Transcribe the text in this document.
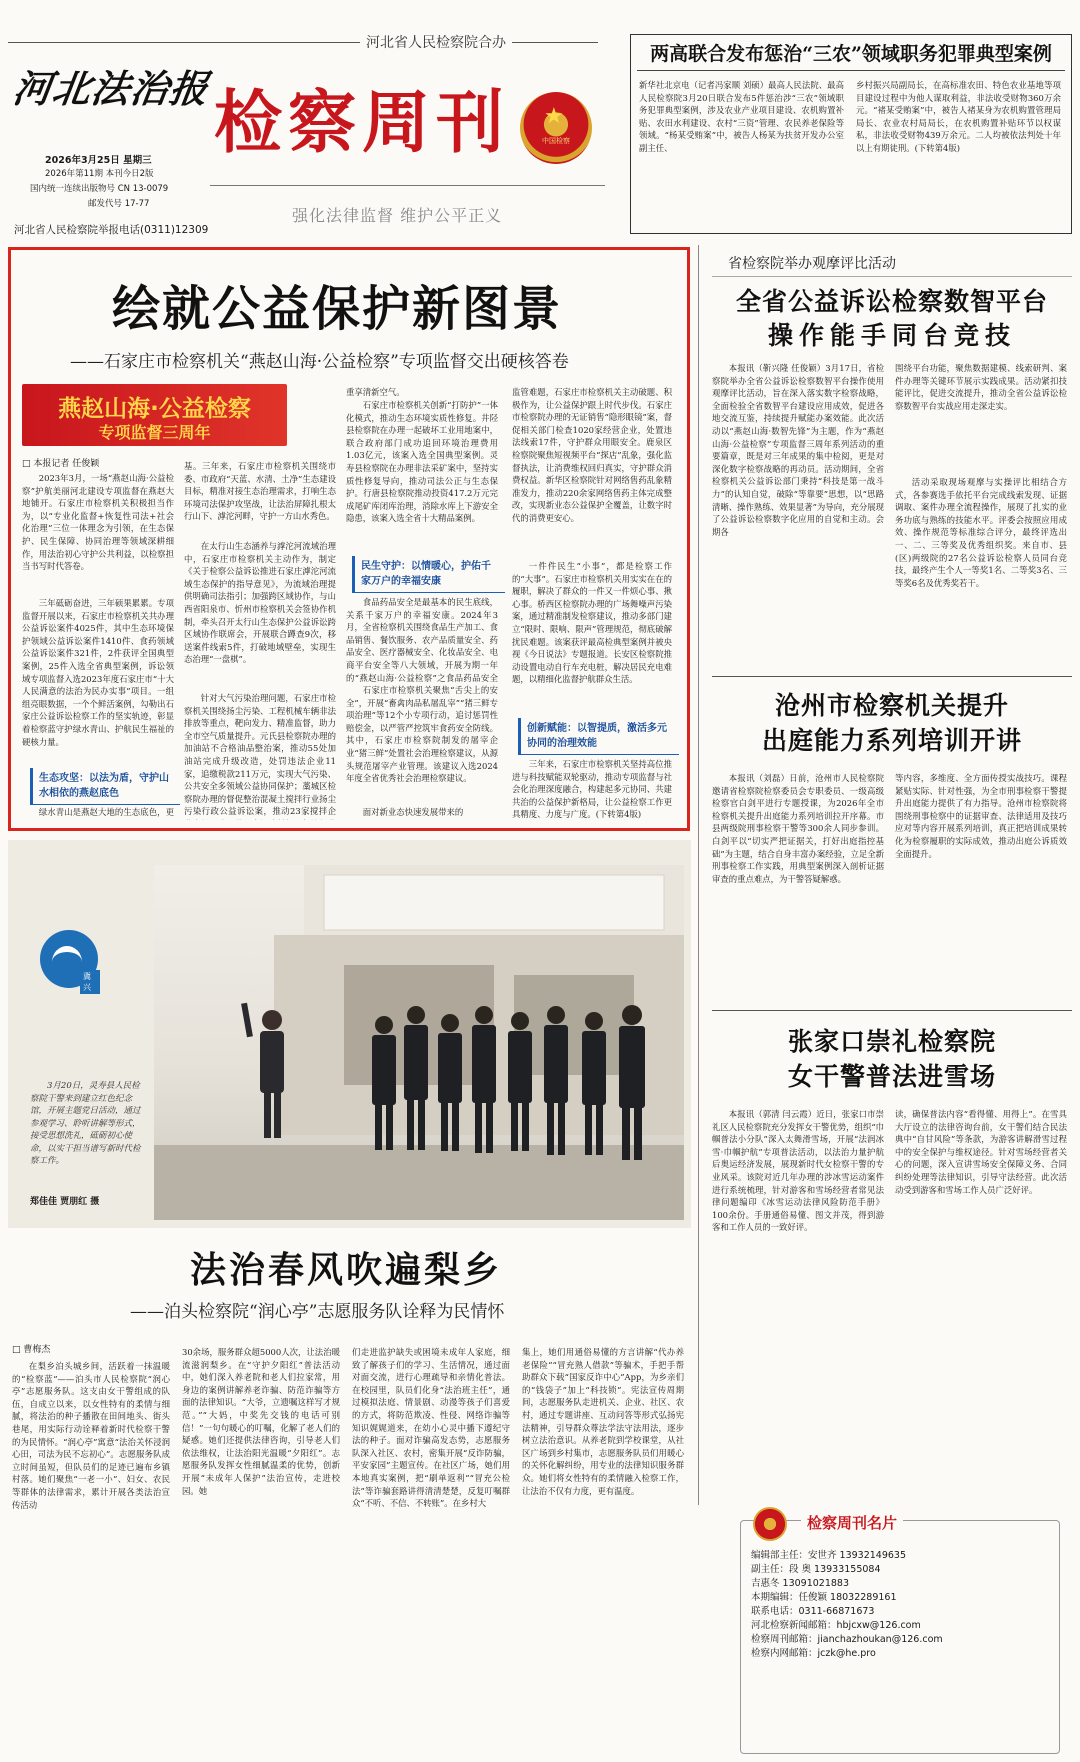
河北省人民检察院合办
河北法治报
2026年3月25日 星期三
2026年第11期 本刊今日2版
国内统一连续出版物号 CN 13-0079
邮发代号 17-77
河北省人民检察院举报电话(0311)12309
检察周刊 ★
中国检察
强化法律监督 维护公平正义
两高联合发布惩治“三农”领域职务犯罪典型案例
新华社北京电（记者冯家顺 刘硕）最高人民法院、最高人民检察院3月20日联合发布5件惩治涉“三农”领域职务犯罪典型案例，涉及农业产业项目建设、农机购置补贴、农田水利建设、农村“三资”管理、农民养老保险等领域。“杨某受贿案”中，被告人杨某为扶贫开发办公室副主任、
乡村振兴局副局长，在高标准农田、特色农业基地等项目建设过程中为他人谋取利益，非法收受财物360万余元。“褚某受贿案”中，被告人褚某身为农机购置管理局局长、农业农村局局长，在农机购置补贴环节以权谋私，非法收受财物439万余元。二人均被依法判处十年以上有期徒刑。(下转第4版)
绘就公益保护新图景
——石家庄市检察机关“燕赵山海·公益检察”专项监督交出硬核答卷
燕赵山海·公益检察
专项监督三周年
□ 本报记者 任俊颖
2023年3月，一场“燕赵山海·公益检察”护航美丽河北建设专项监督在燕赵大地铺开。石家庄市检察机关积极担当作为，以“专业化监督+恢复性司法+社会化治理”三位一体理念为引领，在生态保护、民生保障、协同治理等领域深耕细作，用法治初心守护公共利益，以检察担当书写时代答卷。
三年砥砺奋进，三年硕果累累。专项监督开展以来，石家庄市检察机关共办理公益诉讼案件4025件，其中生态环境保护领域公益诉讼案件1410件、食药领域公益诉讼案件321件，2件获评全国典型案例，25件入选全省典型案例，诉讼领域专项监督入选2023年度石家庄市“十大人民满意的法治为民办实事”项目。一组组亮眼数据，一个个鲜活案例，勾勒出石家庄公益诉讼检察工作的坚实轨迹，彰显着检察蓝守护绿水青山、护航民生福祉的硬核力量。
生态攻坚：以法为盾，守护山水相依的燕赵底色
绿水青山是燕赵大地的生态底色，更
基。三年来，石家庄市检察机关围绕市委、市政府“天蓝、水清、土净”生态建设目标，精准对接生态治理需求，打响生态环境司法保护攻坚战，让法治屏障扎根太行山下、滹沱河畔，守护一方山水秀色。
在太行山生态涵养与滹沱河流域治理中，石家庄市检察机关主动作为，制定《关于检察公益诉讼推进石家庄滹沱河流域生态保护的指导意见》，为流域治理提供明确司法指引；加强跨区域协作，与山西省阳泉市、忻州市检察机关会签协作机制，牵头召开太行山生态保护公益诉讼跨区域协作联席会，开展联合蹲查9次，移送案件线索5件，打破地域壁垒，实现生态治理“一盘棋”。
针对大气污染治理问题，石家庄市检察机关围绕扬尘污染、工程机械车辆非法排放等重点，靶向发力、精准监督，助力全市空气质量提升。元氏县检察院办理的加油站不合格油品整治案，推动55处加油站完成升级改造，处罚违法企业11家，追缴税款211万元，实现大气污染、公共安全多领域公益协同保护；藁城区检察院办理的督促整治混凝土搅拌行业扬尘污染行政公益诉讼案，推动23家搅拌企
重享清新空气。
石家庄市检察机关创新“打防护”一体化模式，推动生态环境实质性修复。井陉县检察院在办理一起破坏工业用地案中，联合政府部门成功追回环境治理费用1.03亿元，该案入选全国典型案例。灵寿县检察院在办理非法采矿案中，坚持实质性修复导向，推动司法公正与生态保护。行唐县检察院推动投资417.2万元完成尾矿库闭库治理，消除水库上下游安全隐患，该案入选全省十大精品案例。
民生守护：以情暖心，护佑千家万户的幸福安康
食品药品安全是最基本的民生底线，关系千家万户的幸福安康。2024年3月，全省检察机关围绕食品生产加工、食品销售、餐饮服务、农产品质量安全、药品安全、医疗器械安全、化妆品安全、电商平台安全等八大领域，开展为期一年的“燕赵山海·公益检察”之食品药品安全
石家庄市检察机关聚焦“舌尖上的安全”，开展“畜禽肉品私屠乱宰”“猪三鲜专项治理”等12个小专项行动，追讨惩罚性赔偿金，以严管严控筑牢食药安全防线。其中，石家庄市检察院制发的屠宰企业“猪三鲜”处置社会治理检察建议，从源头规范屠宰产业管理。该建议入选2024年度全省优秀社会治理检察建议。
面对新业态快速发展带来的
监管难题，石家庄市检察机关主动破题、积极作为，让公益保护跟上时代步伐。石家庄市检察院办理的无证销售“隐形眼镜”案，督促相关部门检查1020家经营企业，处置违法线索17件，守护群众用眼安全。鹿泉区检察院聚焦短视频平台“探店”乱象，强化监督执法，让消费维权回归真实，守护群众消费权益。新华区检察院针对网络售药乱象精准发力，推动220余家网络售药主体完成整改，实现新业态公益保护全覆盖，让数字时代的消费更安心。
一件件民生“小事”，都是检察工作的“大事”。石家庄市检察机关用实实在在的履职，解决了群众的一件又一件烦心事、揪心事。桥西区检察院办理的广场舞噪声污染案，通过精准制发检察建议，推动多部门建立“限时、限响、限声”管理规范，彻底破解扰民难题。该案获评最高检典型案例并被央视《今日说法》专题报道。长安区检察院推动设置电动自行车充电桩，解决居民充电难题，以精细化监督护航群众生活。
创新赋能：以智提质，激活多元协同的治理效能
三年来，石家庄市检察机关坚持高位推进与科技赋能双轮驱动，推动专项监督与社会化治理深度融合，构建起多元协同、共建共治的公益保护新格局，让公益检察工作更具精度、力度与广度。(下转第4版)
省检察院举办观摩评比活动
全省公益诉讼检察数智平台
操作能手同台竞技
本报讯（靳兴隆 任俊颖）3月17日，省检察院举办全省公益诉讼检察数智平台操作使用观摩评比活动，旨在深入落实数字检察战略，全面检验全省数智平台建设应用成效，促进各地交流互鉴，持续提升赋能办案效能。此次活动以“燕赵山海·数智先锋”为主题，作为“燕赵山海·公益检察”专项监督三周年系列活动的重要篇章，既是对三年成果的集中检阅，更是对深化数字检察战略的再动员。活动期间，全省检察机关公益诉讼部门秉持“科技是第一战斗力”的认知自觉，破除“等靠要”思想，以“思路清晰、操作熟练、效果显著”为导向，充分展现了公益诉讼检察数字化应用的自觉和主动。会期各
围绕平台功能，聚焦数据建模、线索研判、案件办理等关键环节展示实践成果。活动紧扣技能评比，促进交流提升，推动全省公益诉讼检察数智平台实战应用走深走实。
活动采取现场观摩与实操评比相结合方式，各参赛选手依托平台完成线索发现、证据调取、案件办理全流程操作，展现了扎实的业务功底与熟练的技能水平。评委会按照应用成效、操作规范等标准综合评分，最终评选出一、二、三等奖及优秀组织奖。来自市、县(区)两级院的27名公益诉讼检察人员同台竞技，最终产生个人一等奖1名、二等奖3名、三等奖6名及优秀奖若干。
沧州市检察机关提升
出庭能力系列培训开讲
本报讯（刘磊）日前，沧州市人民检察院邀请省检察院检察委员会专职委员、一级高级检察官白剑平进行专题授课，为2026年全市检察机关提升出庭能力系列培训拉开序幕。市县两级院刑事检察干警等300余人同步参训。白剑平以“切实严把证据关，打好出庭指控基础”为主题，结合自身丰富办案经验，立足全新刑事检察工作实践，用典型案例深入剖析证据审查的重点难点，为干警答疑解惑。
等内容，多维度、全方面传授实战技巧。课程紧贴实际、针对性强，为全市刑事检察干警提升出庭能力提供了有力指导。沧州市检察院将围绕刑事检察中的证据审查、法律适用及技巧应对等内容开展系列培训，真正把培训成果转化为检察履职的实际成效，推动出庭公诉质效全面提升。
张家口崇礼检察院
女干警普法进雪场
本报讯（郭清 闫云霞）近日，张家口市崇礼区人民检察院充分发挥女干警优势，组织“巾帼普法小分队”深入太舞滑雪场，开展“法润冰雪·巾帼护航”专项普法活动，以法治力量护航后奥运经济发展，展现新时代女检察干警的专业风采。该院对近几年办理的涉冰雪运动案件进行系统梳理，针对游客和雪场经营者常见法律问题编印《冰雪运动法律风险防范手册》100余份。手册通俗易懂、图文并茂，得到游客和工作人员的一致好评。
读，确保普法内容“看得懂、用得上”。在雪具大厅设立的法律咨询台前，女干警们结合民法典中“自甘风险”等条款，为游客讲解滑雪过程中的安全保护与维权途径。针对雪场经营者关心的问题，深入宣讲雪场安全保障义务、合同纠纷处理等法律知识，引导守法经营。此次活动受到游客和雪场工作人员广泛好评。
检察周刊名片
编辑部主任：安世齐 13932149635
副主任：段 奥 13933155084
吉惠冬 13091021883
本期编辑：任俊颖 18032289161
联系电话：0311-66871673
河北检察新闻邮箱：hbjcxw@126.com
检察周刊邮箱：jianchazhoukan@126.com
检察内网邮箱：jczk@he.pro
冀兴
3月20日，灵寿县人民检察院干警来到建立红色纪念馆，开展主题党日活动，通过参观学习、聆听讲解等形式，接受思想洗礼，砥砺初心使命，以实干担当谱写新时代检察工作。
郑佳佳 贾朋红 摄
法治春风吹遍梨乡
——泊头检察院“润心亭”志愿服务队诠释为民情怀
□ 曹梅杰
在梨乡泊头城乡间，活跃着一抹温暖的“检察蓝”——泊头市人民检察院“润心亭”志愿服务队。这支由女干警组成的队伍，自成立以来，以女性特有的柔情与细腻，将法治的种子播散在田间地头、街头巷尾，用实际行动诠释着新时代检察干警的为民情怀。“润心亭”寓意“法治关怀浸润心田，司法为民不忘初心”。志愿服务队成立时间虽短，但队员们的足迹已遍布乡镇村落。她们聚焦“一老一小”、妇女、农民等群体的法律需求，累计开展各类法治宣传活动
30余场，服务群众超5000人次，让法治暖流滋润梨乡。在“守护夕阳红”普法活动中，她们深入养老院和老人们拉家常，用身边的案例讲解养老诈骗、防范诈骗等方面的法律知识。“大爷，立遗嘱这样写才规范。”“大妈，中奖先交钱的电话可别信！”一句句暖心的叮嘱，化解了老人们的疑惑。她们还提供法律咨询，引导老人们依法维权，让法治阳光温暖“夕阳红”。志愿服务队发挥女性细腻温柔的优势，创新开展“未成年人保护”法治宣传，走进校园。她
们走进监护缺失或困境未成年人家庭，细致了解孩子们的学习、生活情况，通过面对面交流，进行心理疏导和亲情化普法。在校园里，队员们化身“法治班主任”，通过模拟法庭、情景剧、动漫等孩子们喜爱的方式，将防范欺凌、性侵、网络诈骗等知识娓娓道来，在幼小心灵中播下遵纪守法的种子。面对诈骗高发态势，志愿服务队深入社区、农村，密集开展“反诈防骗，平安家园”主题宣传。在社区广场，她们用本地真实案例，把“刷单返利”“冒充公检法”等诈骗套路讲得清清楚楚，反复叮嘱群众“不听、不信、不转账”。在乡村大
集上，她们用通俗易懂的方言讲解“代办养老保险”“冒充熟人借款”等骗术，手把手帮助群众下载“国家反诈中心”App，为乡亲们的“钱袋子”加上“科技锁”。宪法宣传周期间，志愿服务队走进机关、企业、社区、农村，通过专题讲座、互动问答等形式弘扬宪法精神，引导群众尊法学法守法用法，逐步树立法治意识。从养老院到学校课堂，从社区广场到乡村集市，志愿服务队员们用暖心的关怀化解纠纷，用专业的法律知识服务群众。她们将女性特有的柔情融入检察工作，让法治不仅有力度，更有温度。
